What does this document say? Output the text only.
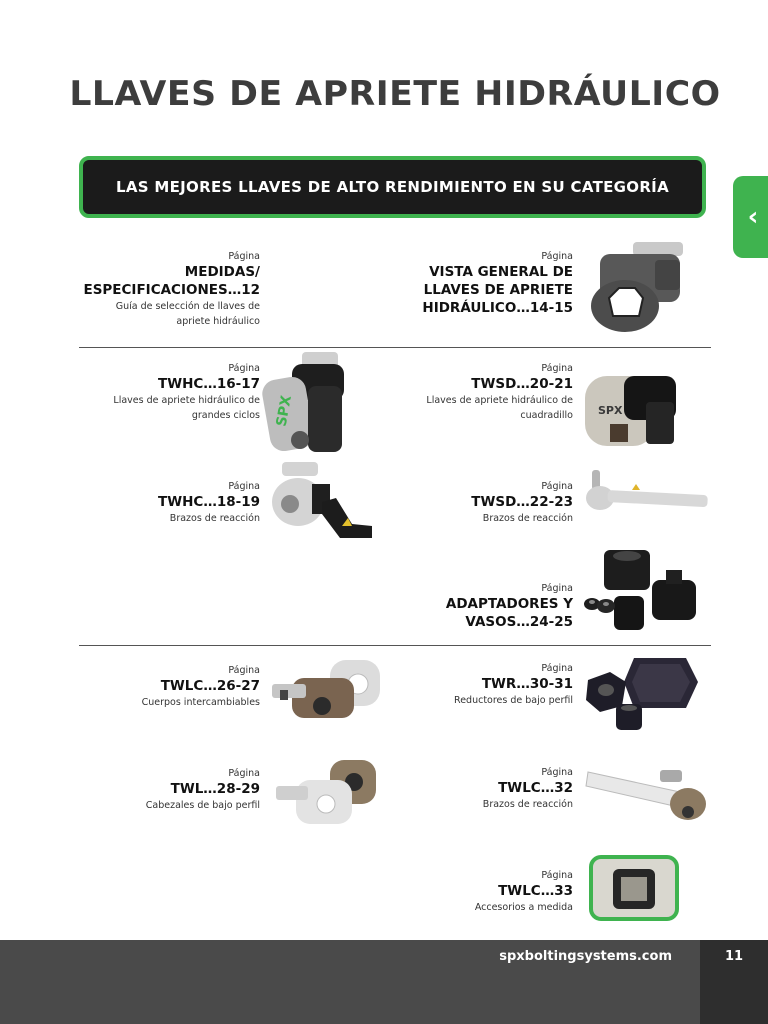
LLAVES DE APRIETE HIDRÁULICO
LAS MEJORES LLAVES DE ALTO RENDIMIENTO EN SU CATEGORÍA
‹
Página
MEDIDAS/
ESPECIFICACIONES…12
Guía de selección de llaves de
apriete hidráulico
Página
VISTA GENERAL DE
LLAVES DE APRIETE
HIDRÁULICO…14-15
Página
TWHC…16-17
Llaves de apriete hidráulico de
grandes ciclos SPX
Página
TWSD…20-21
Llaves de apriete hidráulico de
cuadradillo SPX
Página
TWHC…18-19
Brazos de reacción
Página
TWSD…22-23
Brazos de reacción
Página
ADAPTADORES Y
VASOS…24-25
Página
TWLC…26-27
Cuerpos intercambiables
Página
TWR…30-31
Reductores de bajo perfil
Página
TWL…28-29
Cabezales de bajo perfil
Página
TWLC…32
Brazos de reacción
Página
TWLC…33
Accesorios a medida
spxboltingsystems.com	11
